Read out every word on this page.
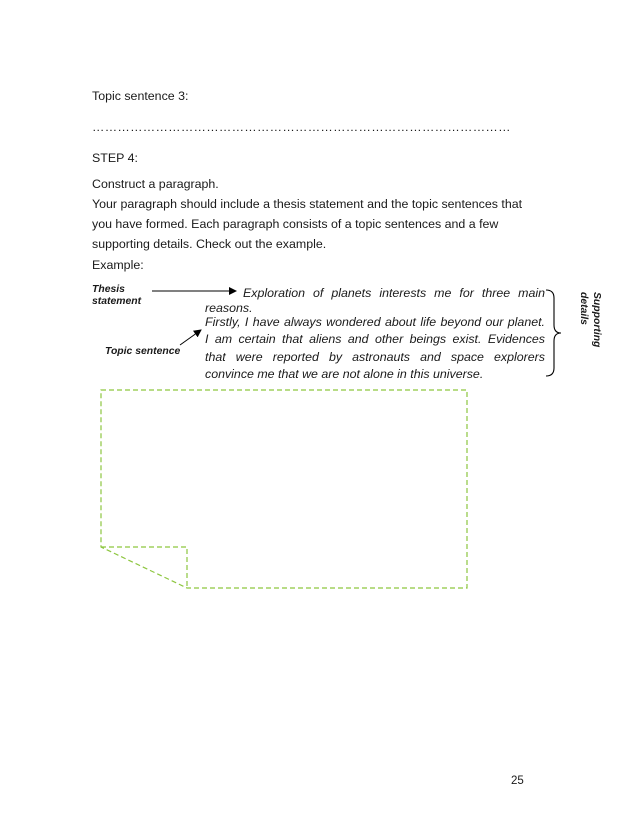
Topic sentence 3:
………………………………………………………………………………………
STEP 4:
Construct a paragraph.
Your paragraph should include a thesis statement and the topic sentences that
you have formed. Each paragraph consists of a topic sentences and a few
supporting details. Check out the example.
Example:
Thesis
statement
Topic sentence
Exploration of planets interests me for three main
reasons.
Firstly, I have always wondered about life beyond our planet.
I am certain that aliens and other beings exist. Evidences
that were reported by astronauts and space explorers
convince me that we are not alone in this universe.
Supporting
details
25
